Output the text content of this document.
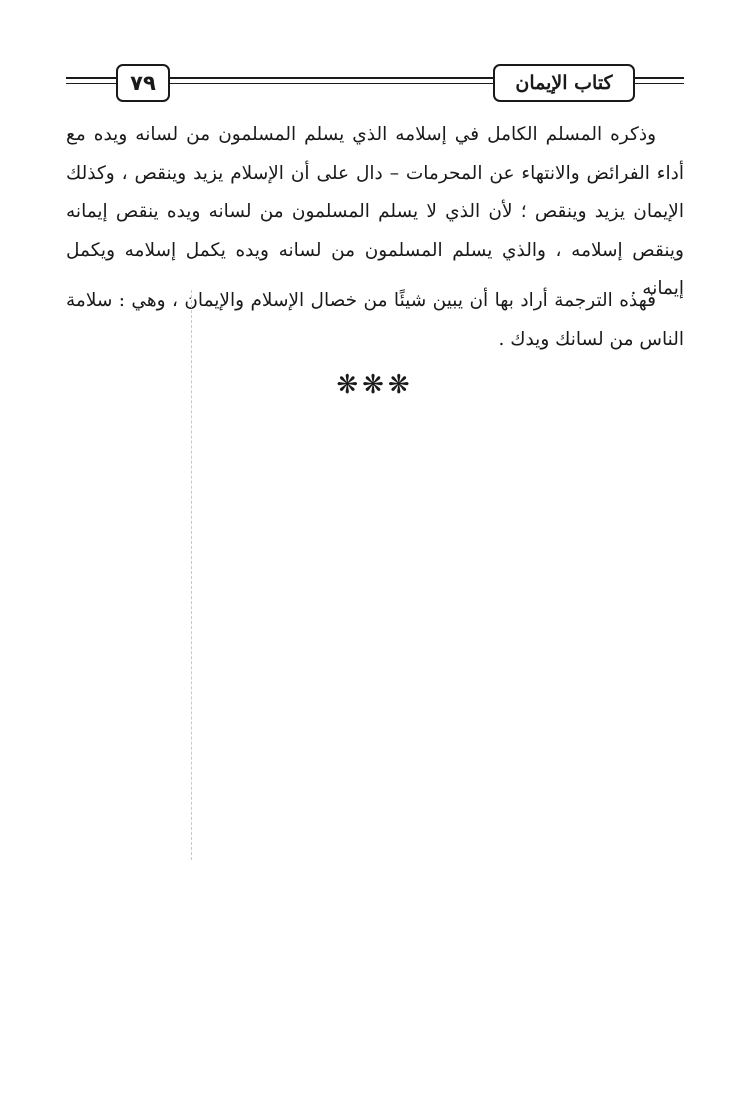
٧٩	كتاب الإيمان
وذكره المسلم الكامل في إسلامه الذي يسلم المسلمون من لسانه ويده مع أداء الفرائض والانتهاء عن المحرمات – دال على أن الإسلام يزيد وينقص ، وكذلك الإيمان يزيد وينقص ؛ لأن الذي لا يسلم المسلمون من لسانه ويده ينقص إيمانه وينقص إسلامه ، والذي يسلم المسلمون من لسانه ويده يكمل إسلامه ويكمل إيمانه .
فهذه الترجمة أراد بها أن يبين شيئًا من خصال الإسلام والإيمان ، وهي : سلامة الناس من لسانك ويدك .
❋❋❋
